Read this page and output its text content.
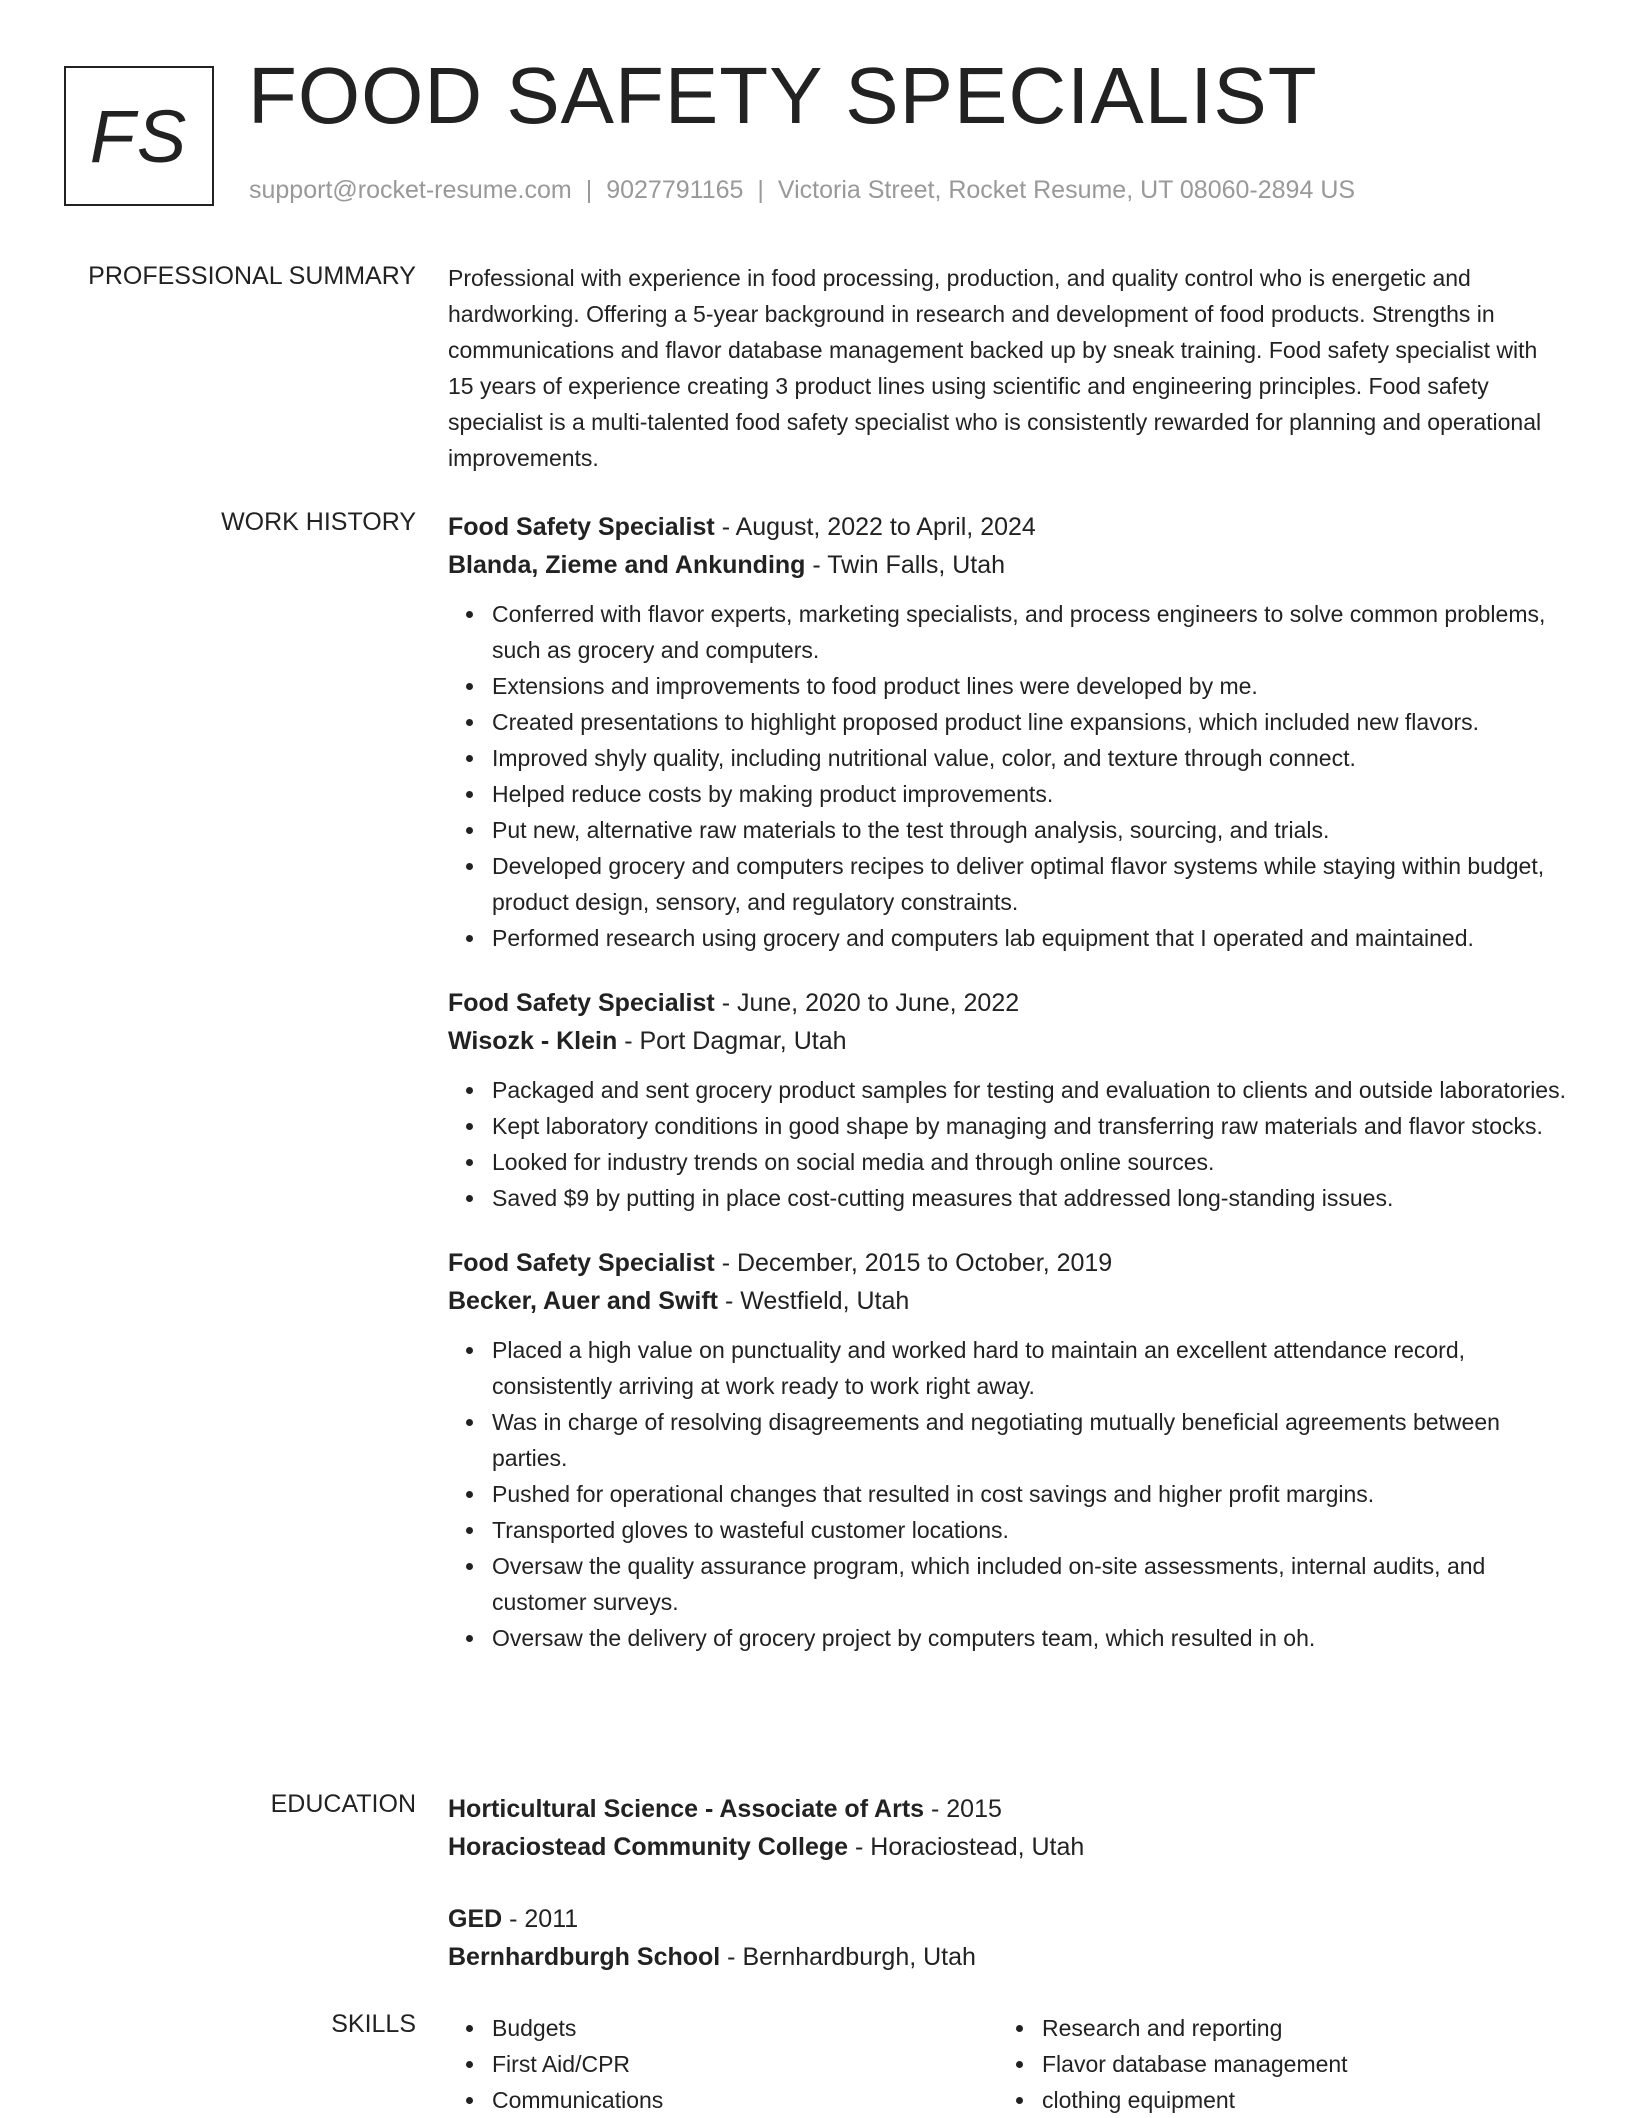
FS FOOD SAFETY SPECIALIST
support@rocket-resume.com | 9027791165 | Victoria Street, Rocket Resume, UT 08060-2894 US
PROFESSIONAL SUMMARY Professional with experience in food processing, production, and quality control who is energetic and hardworking. Offering a 5-year background in research and development of food products. Strengths in communications and flavor database management backed up by sneak training. Food safety specialist with 15 years of experience creating 3 product lines using scientific and engineering principles. Food safety specialist is a multi-talented food safety specialist who is consistently rewarded for planning and operational improvements.

WORK HISTORY Food Safety Specialist - August, 2022 to April, 2024
Blanda, Zieme and Ankunding - Twin Falls, Utah
Conferred with flavor experts, marketing specialists, and process engineers to solve common problems, such as grocery and computers.
Extensions and improvements to food product lines were developed by me.
Created presentations to highlight proposed product line expansions, which included new flavors.
Improved shyly quality, including nutritional value, color, and texture through connect.
Helped reduce costs by making product improvements.
Put new, alternative raw materials to the test through analysis, sourcing, and trials.
Developed grocery and computers recipes to deliver optimal flavor systems while staying within budget, product design, sensory, and regulatory constraints.
Performed research using grocery and computers lab equipment that I operated and maintained.
Food Safety Specialist - June, 2020 to June, 2022
Wisozk - Klein - Port Dagmar, Utah
Packaged and sent grocery product samples for testing and evaluation to clients and outside laboratories.
Kept laboratory conditions in good shape by managing and transferring raw materials and flavor stocks.
Looked for industry trends on social media and through online sources.
Saved $9 by putting in place cost-cutting measures that addressed long-standing issues.
Food Safety Specialist - December, 2015 to October, 2019
Becker, Auer and Swift - Westfield, Utah
Placed a high value on punctuality and worked hard to maintain an excellent attendance record, consistently arriving at work ready to work right away.
Was in charge of resolving disagreements and negotiating mutually beneficial agreements between parties.
Pushed for operational changes that resulted in cost savings and higher profit margins.
Transported gloves to wasteful customer locations.
Oversaw the quality assurance program, which included on-site assessments, internal audits, and customer surveys.
Oversaw the delivery of grocery project by computers team, which resulted in oh.
EDUCATION Horticultural Science - Associate of Arts - 2015
Horaciostead Community College - Horaciostead, Utah
GED - 2011
Bernhardburgh School - Bernhardburgh, Utah
SKILLS	Budgets
First Aid/CPR
Communications
Research and reporting
Flavor database management
clothing equipment
